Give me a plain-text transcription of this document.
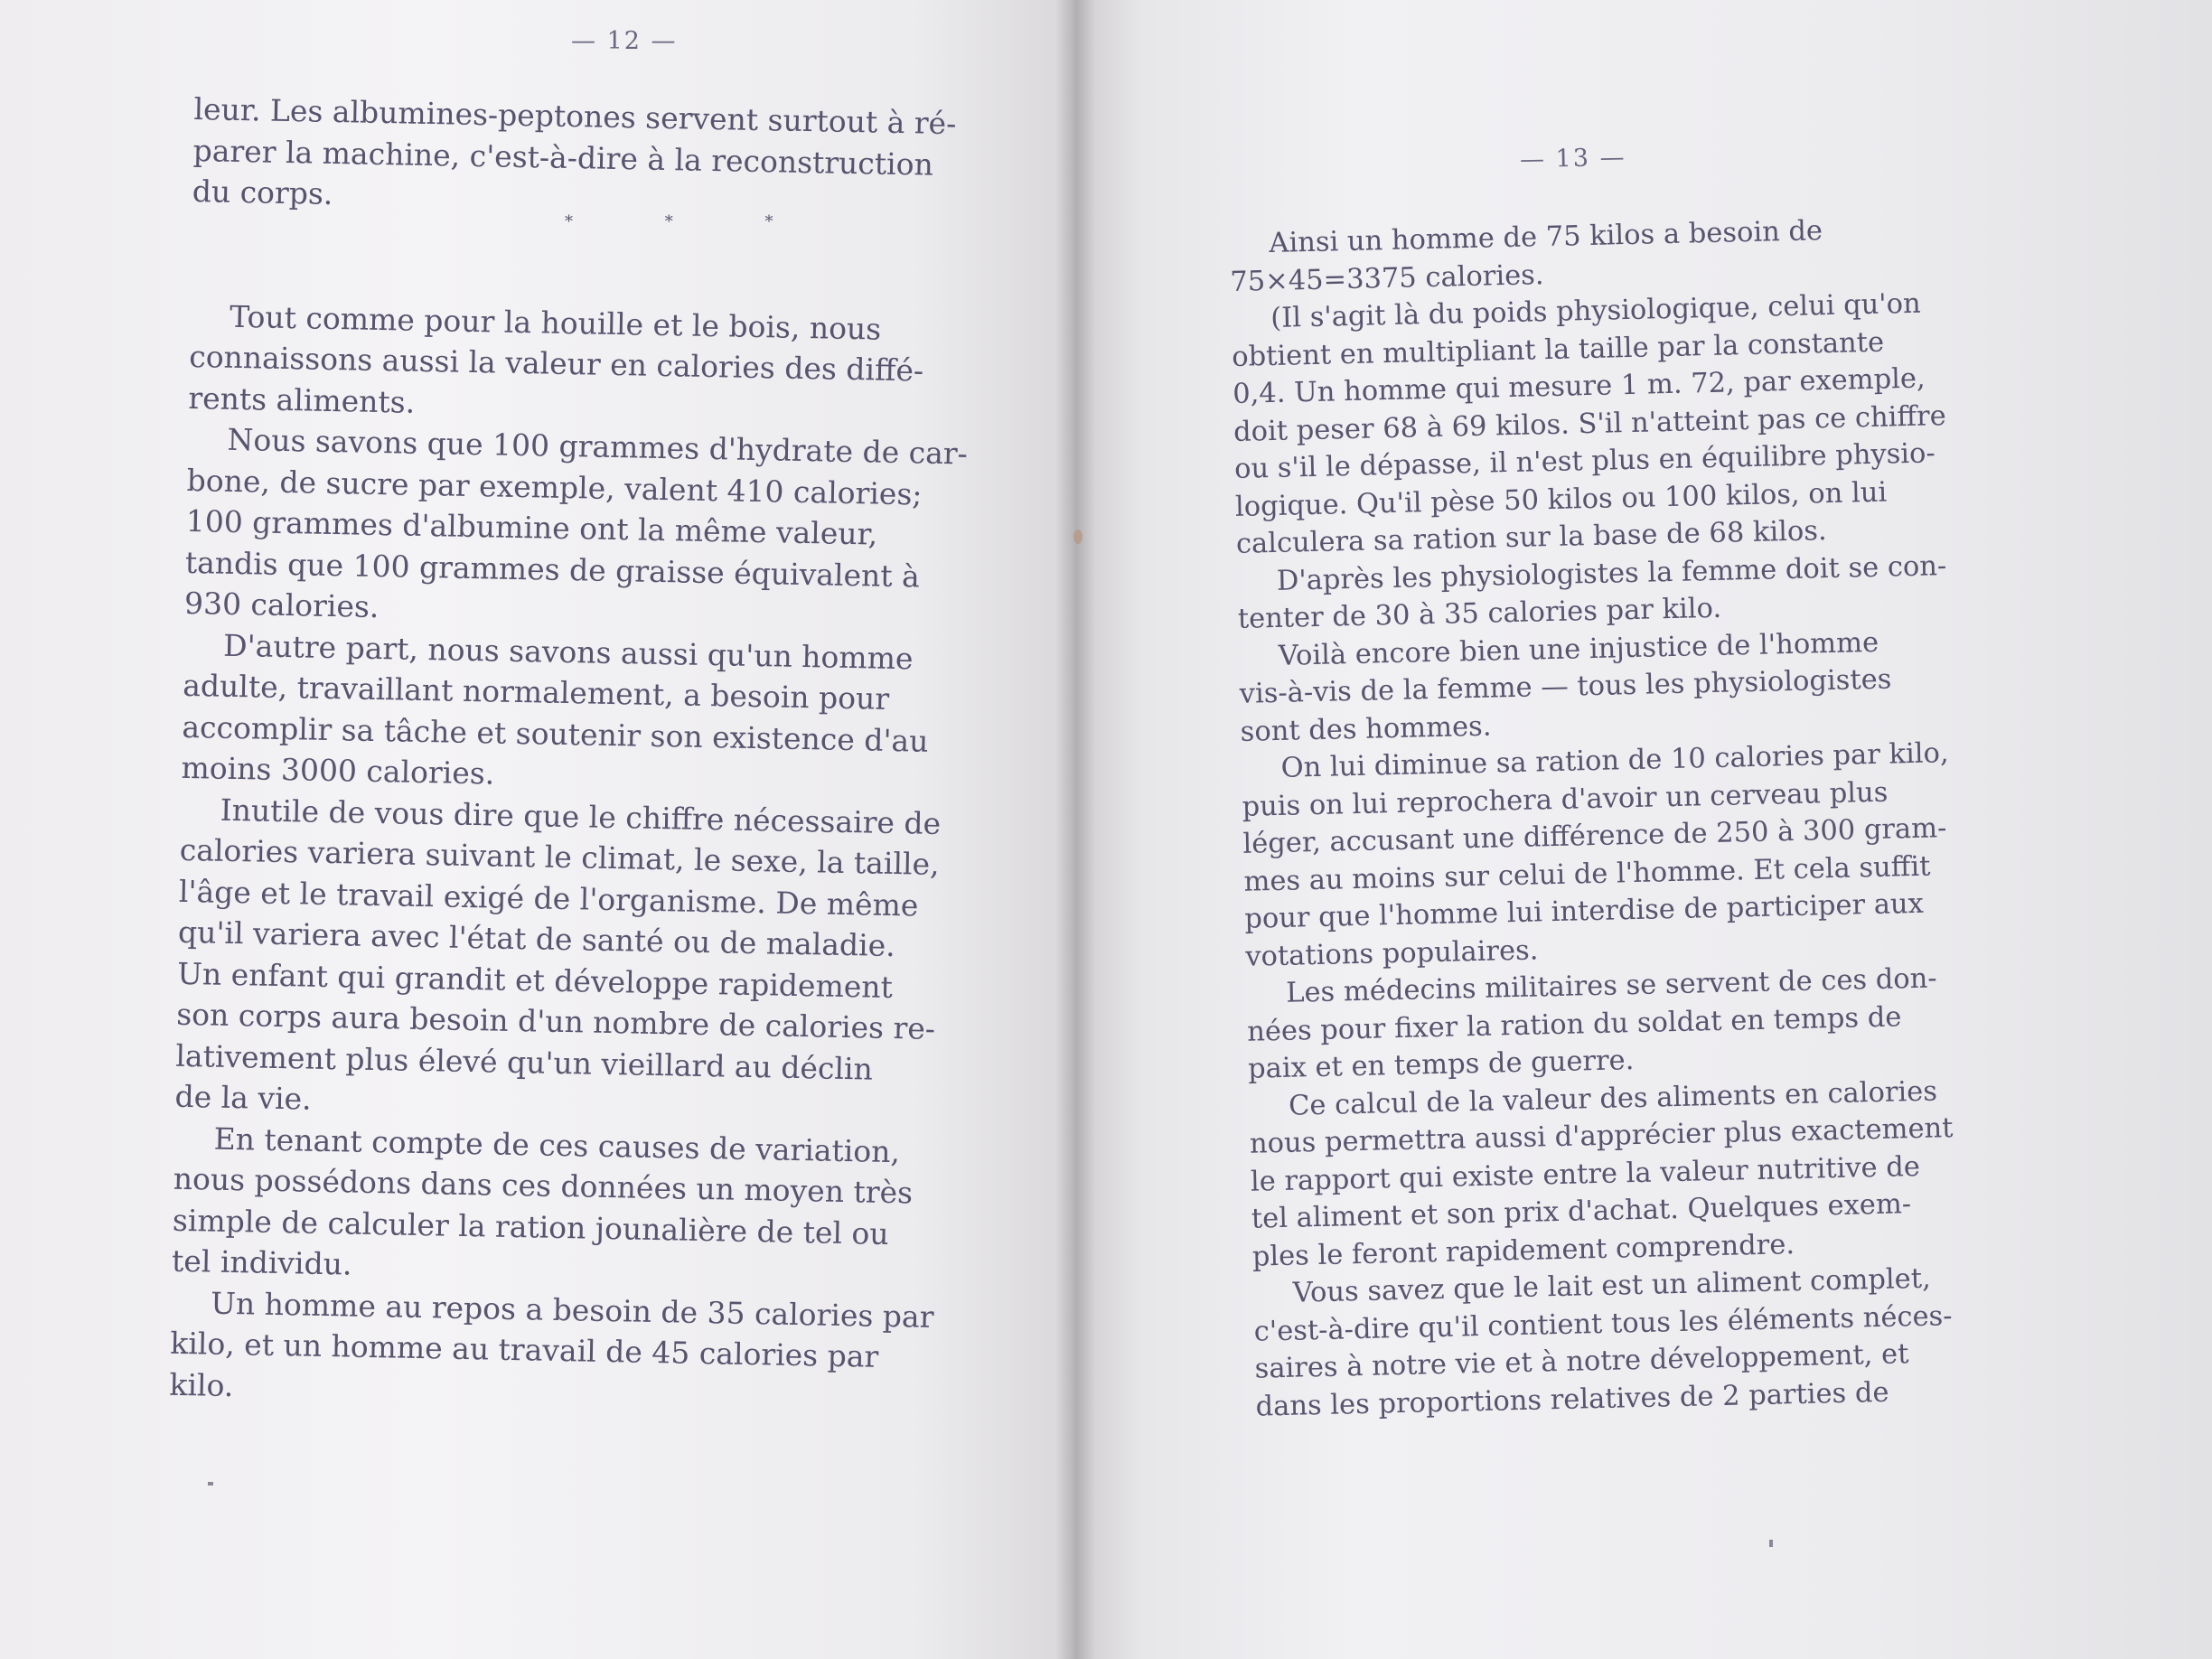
— 12 —
* * *

leur. Les albumines-peptones servent surtout à ré-
parer la machine, c'est-à-dire à la reconstruction
du corps.

Tout comme pour la houille et le bois, nous
connaissons aussi la valeur en calories des diffé-
rents aliments.

Nous savons que 100 grammes d'hydrate de car-
bone, de sucre par exemple, valent 410 calories;
100 grammes d'albumine ont la même valeur,
tandis que 100 grammes de graisse équivalent à
930 calories.

D'autre part, nous savons aussi qu'un homme
adulte, travaillant normalement, a besoin pour
accomplir sa tâche et soutenir son existence d'au
moins 3000 calories.

Inutile de vous dire que le chiffre nécessaire de
calories variera suivant le climat, le sexe, la taille,
l'âge et le travail exigé de l'organisme. De même
qu'il variera avec l'état de santé ou de maladie.
Un enfant qui grandit et développe rapidement
son corps aura besoin d'un nombre de calories re-
lativement plus élevé qu'un vieillard au déclin
de la vie.

En tenant compte de ces causes de variation,
nous possédons dans ces données un moyen très
simple de calculer la ration jounalière de tel ou
tel individu.

Un homme au repos a besoin de 35 calories par
kilo, et un homme au travail de 45 calories par
kilo.

— 13 —

Ainsi un homme de 75 kilos a besoin de
75×45=3375 calories.

(Il s'agit là du poids physiologique, celui qu'on
obtient en multipliant la taille par la constante
0,4. Un homme qui mesure 1 m. 72, par exemple,
doit peser 68 à 69 kilos. S'il n'atteint pas ce chiffre
ou s'il le dépasse, il n'est plus en équilibre physio-
logique. Qu'il pèse 50 kilos ou 100 kilos, on lui
calculera sa ration sur la base de 68 kilos.

D'après les physiologistes la femme doit se con-
tenter de 30 à 35 calories par kilo.

Voilà encore bien une injustice de l'homme
vis-à-vis de la femme — tous les physiologistes
sont des hommes.

On lui diminue sa ration de 10 calories par kilo,
puis on lui reprochera d'avoir un cerveau plus
léger, accusant une différence de 250 à 300 gram-
mes au moins sur celui de l'homme. Et cela suffit
pour que l'homme lui interdise de participer aux
votations populaires.

Les médecins militaires se servent de ces don-
nées pour fixer la ration du soldat en temps de
paix et en temps de guerre.

Ce calcul de la valeur des aliments en calories
nous permettra aussi d'apprécier plus exactement
le rapport qui existe entre la valeur nutritive de
tel aliment et son prix d'achat. Quelques exem-
ples le feront rapidement comprendre.

Vous savez que le lait est un aliment complet,
c'est-à-dire qu'il contient tous les éléments néces-
saires à notre vie et à notre développement, et
dans les proportions relatives de 2 parties de
